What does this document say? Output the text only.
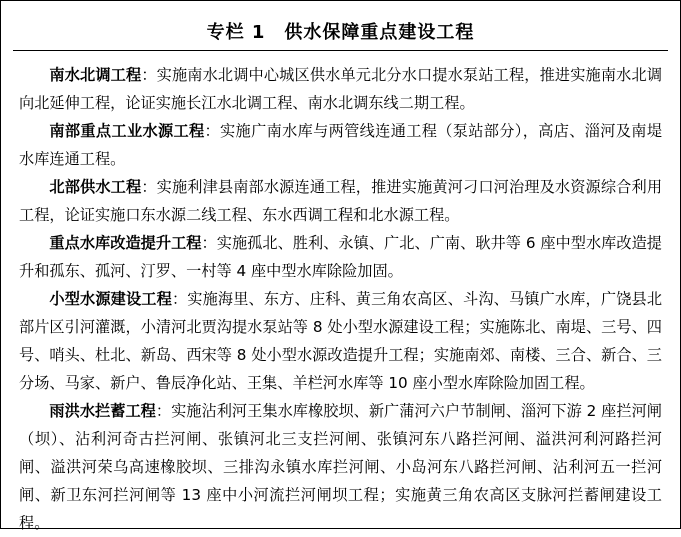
专栏 1　供水保障重点建设工程

南水北调工程：实施南水北调中心城区供水单元北分水口提水泵站工程，推进实施南水北调向北延伸工程，论证实施长江水北调工程、南水北调东线二期工程。

南部重点工业水源工程：实施广南水库与两管线连通工程（泵站部分），高店、淄河及南堤水库连通工程。

北部供水工程：实施利津县南部水源连通工程，推进实施黄河刁口河治理及水资源综合利用工程，论证实施口东水源二线工程、东水西调工程和北水源工程。

重点水库改造提升工程：实施孤北、胜利、永镇、广北、广南、耿井等 6 座中型水库改造提升和孤东、孤河、汀罗、一村等 4 座中型水库除险加固。

小型水源建设工程：实施海里、东方、庄科、黄三角农高区、斗沟、马镇广水库，广饶县北部片区引河灌溉，小清河北贾沟提水泵站等 8 处小型水源建设工程；实施陈北、南堤、三号、四号、哨头、杜北、新岛、西宋等 8 处小型水源改造提升工程；实施南郊、南楼、三合、新合、三分场、马家、新户、鲁辰净化站、王集、羊栏河水库等 10 座小型水库除险加固工程。

雨洪水拦蓄工程：实施沾利河王集水库橡胶坝、新广蒲河六户节制闸、淄河下游 2 座拦河闸（坝）、沾利河奇古拦河闸、张镇河北三支拦河闸、张镇河东八路拦河闸、溢洪河利河路拦河闸、溢洪河荣乌高速橡胶坝、三排沟永镇水库拦河闸、小岛河东八路拦河闸、沾利河五一拦河闸、新卫东河拦河闸等 13 座中小河流拦河闸坝工程；实施黄三角农高区支脉河拦蓄闸建设工程。
